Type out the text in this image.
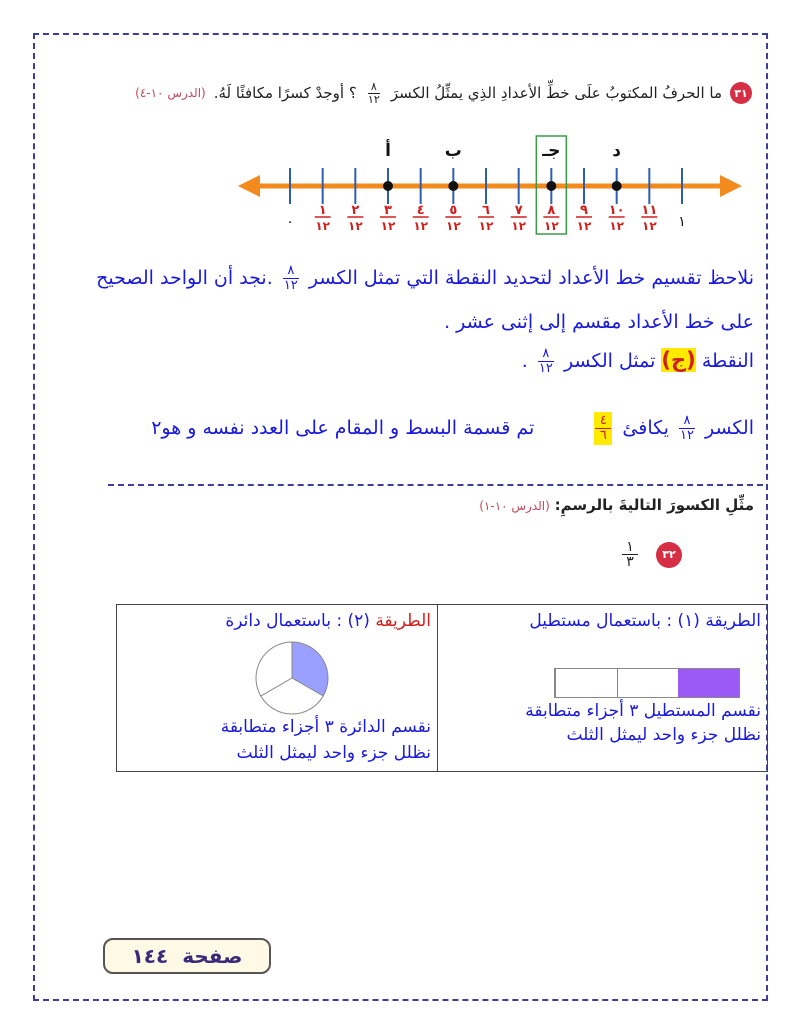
٣١
ما الحرفُ المكتوبُ علَى خطِّ الأعدادِ الذِي يمثِّلُ الكسرَ
$\frac{٨}{١٢}$
؟ أوجدْ كسرًا مكافئًا لَهُ.
(الدرس ١٠-٤)
٠	١
١
١٢
٢
١٢
٣
١٢
٤
١٢
٥
١٢
٦
١٢
٧
١٢
٨
١٢
٩
١٢
١٠
١٢
١١
١٢
أ	ب	جـ	د
نلاحظ تقسيم خط الأعداد لتحديد النقطة التي تمثل الكسر
$\frac{٨}{١٢}$
.نجد أن الواحد الصحيح
على خط الأعداد مقسم إلى إثنى عشر .
النقطة (ج) تمثل الكسر
$\frac{٨}{١٢}$
.
الكسر
$\frac{٨}{١٢}$
يكافئ
$\frac{٤}{٦}$
تم قسمة البسط و المقام على العدد نفسه و هو٢
مثِّلِ الكسورَ التاليةَ بالرسمِ: (الدرس ١٠-١)
٣٢
$\frac{١}{٣}$
الطريقة (١) : باستعمال مستطيل
نقسم المستطيل ٣ أجزاء متطابقة
نظلل جزء واحد ليمثل الثلث
الطريقة (٢) : باستعمال دائرة
نقسم الدائرة ٣ أجزاء متطابقة
نظلل جزء واحد ليمثل الثلث
صفحة
١٤٤
